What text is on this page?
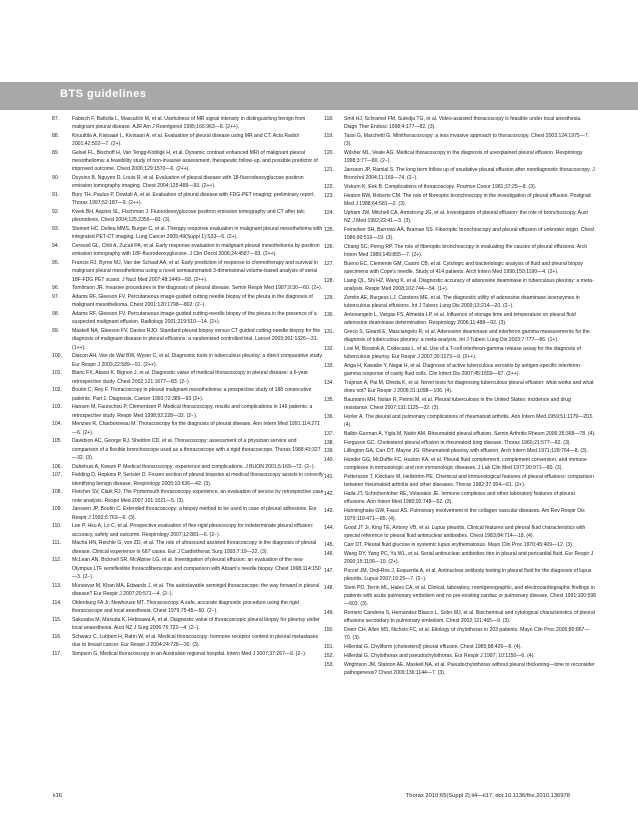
BTS guidelines
87.	Fabisch F, Battolla L, Mascalchi M, et al. Usefulness of MR signal intensity in distinguishing benign from malignant pleural disease. AJR Am J Roentgenol 1995;166:963—8. (2++).
88.	Knuuttila A, Kivisaari L, Kivisaari A, et al. Evaluation of pleural disease using MR and CT. Acta Radiol 2001;42:502—7. (2+).
89.	Gelsel FL, Bischoff H, Van Tengg-Kobligk H, et al. Dynamic contrast enhanced MRI of malignant pleural mesothelioma: a feasibility study of non-invasive assessment, therapeutic follow-up, and possible predictor of improved outcome. Chest 2006;129:1570—6. (2++).
90.	Duysinx B, Nguyen D, Louis R, et al. Evaluation of pleural disease with 18-fluorodeoxyglucose positron emission tomography imaging. Chest 2004;125:489—93. (2++).
91.	Bury TH, Paulus P, Dowlati A, et al. Evaluation of pleural disease with FDG-PET imaging: preliminary report. Thorax 1997;52:187—9. (2++).
92.	Kwek BH, Aquino SL, Fischman J. Fluorodeoxyglucose positron emission tomography and CT after talc pleurodesis. Chest 2004;125:2356—60. (3).
93.	Steinert HC, Dellea MMS, Burger C, et al. Therapy response evaluation in malignant pleural mesothelioma with integrated PET-CT imaging. Lung Cancer 2005;49(Suppl 1):S33—5. (2+).
94.	Ceresoli GL, Chiti A, Zucali PA, et al. Early response evaluation in malignant pleural mesothelioma by positron emission tomography with 18F-fluorodeoxyglucose. J Clin Oncol 2006;24:4587—93. (2++).
95.	Francis RJ, Byrne MJ, Van der Schaaf AA, et al. Early prediction of response to chemotherapy and survival in malignant pleural mesothelioma using a novel semiautomated 3-dimensional volume-based analysis of serial 18F-FDG PET scans. J Nucl Med 2007;48:1449—58. (2++).
96.	Tomlinson JR. Invasive procedures in the diagnosis of pleural disease. Semin Respir Med 1987;9:30—60. (2+).
97.	Adams RF, Gleeson FV. Percutaneous image-guided cutting needle biopsy of the pleura in the diagnosis of malignant mesothelioma. Chest 2001;120:1798—802. (2−).
98.	Adams RF, Gleeson FV. Percutaneous image-guided cutting-needle biopsy of the pleura in the presence of a suspected malignant effusion. Radiology 2001;219:510—14. (2+).
99.	Maskell NA, Gleeson FV, Davies RJO. Standard pleural biopsy versus CT guided cutting-needle biopsy for the diagnosis of malignant disease in pleural effusions: a randomised controlled trial. Lancet 2003;361:1326—31. (1++).
100.	Diacon AH, Van de Wal BW, Wyser C, et al. Diagnostic tools in tuberculous pleurisy: a direct comparative study. Eur Respir J 2003;22:589—91. (2++).
101.	Blanc FX, Atassi K, Bignon J, et al. Diagnostic value of medical thoracoscopy in pleural disease: a 6-year retrospective study. Chest 2002;121:1677—83. (2−).
102.	Boutin C, Rey F. Thoracoscopy in pleural malignant mesothelioma: a prospective study of 188 consecutive patients. Part 1: Diagnosis. Cancer 1993;72:389—93 (2+).
103.	Hansen M, Faurschou P, Clementsen P. Medical thoracoscopy, results and complications in 146 patients: a retrospective study. Respir Med 1998;92:228—32. (2−).
104.	Menzies R, Charbonneau M. Thoracoscopy for the diagnosis of pleural disease. Ann Intern Med 1991;114:271—6. (2+).
105.	Davidson AC, George RJ, Sheldon CD, et al. Thoracoscopy: assessment of a physician service and comparison of a flexible bronchoscope used as a thoracoscope with a rigid thoracoscope. Thorax 1988;43:327—32. (3).
106.	Dubehuis A, Kwezé P. Medical thoracoscopy: experience and complications. J BUON 2001;5:169—72. (2−).
107.	Fielding D, Hopkins P, Serisier D. Frozen section of pleural biopsies at medical thoracoscopy assists in correctly identifying benign disease. Respirology 2005;10:636—42. (3).
108.	Fletcher SV, Clark RJ. The Portsmouth thoracoscopy experience, an evaluation of service by retrospective case note analysis. Respir Med 2007;101:1021—5. (3).
109.	Janssen JP, Boutin C. Extended thoracoscopy: a biopsy method to be used in case of pleural adhesions. Eur Respir J 1992;5:763—6. (3).
110.	Lee P, Hsu A, Lo C, et al. Prospective evaluation of flex-rigid pleuroscopy for indeterminate pleural effusion: accuracy, safety and outcome. Respirology 2007;12:881—6. (2−).
111.	Macha HN, Reichle G, von ZD, et al. The role of ultrasound assisted thoracoscopy in the diagnosis of pleural disease. Clinical experience in 687 cases. Eur J Cardiothorac Surg 1993;7:19—22. (3).
112.	McLean AN, Bicknell SR, McAlpine LG, et al. Investigation of pleural effusion: an evaluation of the new Olympus LTF semiflexible thoracofiberscope and comparison with Abram's needle biopsy. Chest 1998;114:150—3. (2−).
113.	Munavvar M, Khan MA, Edwards J, et al. The autoclavable semirigid thoracoscope: the way forward in pleural disease? Eur Respir J 2007;29:571—4. (2−).
114.	Oldenburg FA Jr, Newhouse MT. Thoracoscopy. A safe, accurate diagnostic procedure using the rigid thoracoscope and local anesthesia. Chest 1979;75:45—50. (2−).
115.	Sakuraba M, Masuda K, Hebisawa A, et al. Diagnostic value of thoracoscopic pleural biopsy for pleurisy under local anaesthesia. Aust NZ J Surg 2006;76:722—4. (2−).
116.	Schwarz C, Lubbert H, Rahn W, et al. Medical thoracoscopy: hormone receptor content in pleural metastases due to breast cancer. Eur Respir J 2004;24:728—30. (3).
117.	Simpson G. Medical thoracoscopy in an Australian regional hospital. Intern Med J 2007;37:267—9. (2−).
118.	Smit HJ, Schramel FM, Sutedja TG, et al. Video-assisted thoracoscopy is feasible under local anesthesia. Diagn Ther Endosc 1998;4:177—82. (3).
119.	Tassi G, Marchetti G. Minithoracoscopy: a less invasive approach to thoracoscopy. Chest 2003;124:1975—7. (3).
120.	Wilsher ML, Veale AG. Medical thoracoscopy in the diagnosis of unexplained pleural effusion. Respirology 1998;3:77—80. (2−).
121.	Jansson JP, Ramlal S. The long term follow up of exudative pleural effusion after nondiagnostic thoracoscopy. J Bronchol 2004;11:169—74. (2−).
122.	Viskum K, Enk B. Complications of thoracoscopy. Poumon Coeur 1981;37:25—8. (3).
123.	Heaton RW, Roberts CM. The role of fibreoptic bronchoscopy in the investigation of pleural effusion. Postgrad Med J 1988;64:581—2. (3).
124.	Upham JW, Mitchell CA, Armstrong JG, et al. Investigation of pleural effusion: the role of bronchoscopy. Aust NZ J Med 1992;22:41—3. (3).
125.	Feinsilver SH, Barrows AA, Braman SS. Fiberoptic bronchoscopy and pleural effusion of unknown origin. Chest 1986;90:516—19. (3).
126.	Chang SC, Perng RP. The role of fiberoptic bronchoscopy in evaluating the causes of pleural effusions. Arch Intern Med 1989;149:855—7. (2+).
127.	Bueno EC, Clemente GM, Castro CB, et al. Cytologic and bacteriologic analysis of fluid and pleural biopsy specimens with Cope's needle. Study of 414 patients. Arch Intern Med 1990;150:1190—4. (2+).
128.	Liang QL, Shi HZ, Wang K, et al. Diagnostic accuracy of adenosine deaminase in tuberculous pleurisy: a meta-analysis. Respir Med 2008;102:744—54. (1+).
129.	Zemlin AE, Burgess LJ, Carstens ME, et al. The diagnostic utility of adenosine deaminase isoenzymes in tuberculous pleural effusions. Int J Tuberc Lung Dis 2009;13:214—20. (2−).
130.	Antonangelo L, Vargas FS, Almeida LP, et al. Influence of storage time and temperature on pleural fluid adenosine deaminase determination. Respirology 2006;11:488—92. (3).
131.	Greco S, Girardi E, Masciangelo R, et al. Adenosine deaminase and interferon gamma measurements for the diagnosis of tuberculous pleurisy: a meta-analysis. Int J Tuberc Lung Dis 2003;7:777—86. (1+).
132.	Losi M, Bossink A, Codecasa L, et al. Use of a T-cell interferon-gamma release assay for the diagnosis of tuberculous pleurisy. Eur Respir J 2007;30:1173—9. (2++).
133.	Ariga H, Kawabe Y, Nagai H, et al. Diagnosis of active tuberculous serositis by antigen-specific interferon-gamma response of cavity fluid cells. Clin Infect Dis 2007;45:1559—67. (2++).
134.	Trajman A, Pai M, Dheda K, et al. Novel tests for diagnosing tuberculous pleural effusion: what works and what does not? Eur Respir J 2008;31:1098—106. (4).
135.	Baumann MH, Nolan R, Petrini M, et al. Pleural tuberculosis in the United States: incidence and drug resistance. Chest 2007;131:1125—32. (3).
136.	Horler A. The pleural and pulmonary complications of rheumatoid arthritis. Ann Intern Med 1959;51:1179—203. (4).
137.	Balbir-Gurman A, Yigla M, Nahir AM. Rheumatoid pleural effusion. Semin Arthritis Rheum 2006;35:368—78. (4).
138.	Ferguson GC. Cholesterol pleural effusion in rheumatoid lung disease. Thorax 1966;21:577—82. (3).
139.	Lillington GA, Carr DT, Mayne JG. Rheumatoid pleurisy with effusion. Arch Intern Med 1971;128:764—8. (3).
140.	Hunder GG, McDuffie FC, Huston KA, et al. Pleural fluid complement, complement conversion, and immune complexes in immunologic and non immunologic diseases. J Lab Clin Med 1977;90:971—80. (3).
141.	Pettersson T, Klockars M, Hellström PE. Chemical and immunological features of pleural effusions: comparison between rheumatoid arthritis and other diseases. Thorax 1982;37:354—61. (2+).
142.	Halla JT, Schrohenloher RE, Volanakis JE. Immune complexes and other laboratory features of pleural effusions. Ann Intern Med 1980;92:748—52. (3).
143.	Hunninghake GW, Fauci AS. Pulmonary involvement in the collagen vascular diseases. Am Rev Respir Dis 1979;119:471—85. (4).
144.	Good JT Jr, King TE, Antony VB, et al. Lupus pleuritis. Clinical features and pleural fluid characteristics with special reference to pleural fluid antinuclear antibodies. Chest 1983;84:714—18. (4).
145.	Carr DT. Pleural fluid glucose in systemic lupus erythematosus. Mayo Clin Proc 1970;45:409—12. (3).
146.	Wang DY, Yang PC, Yu WL, et al. Serial antinuclear antibodies titre in pleural and pericardial fluid. Eur Respir J 2000;15:1106—10. (2+).
147.	Porcel JM, Ordi-Ros J, Esquerda A, et al. Antinuclear antibody testing in pleural fluid for the diagnosis of lupus pleuritis. Lupus 2007;16:25—7. (2−).
148.	Stein PD, Terrin ML, Hales CA, et al. Clinical, laboratory, roentgenographic, and electrocardiographic findings in patients with acute pulmonary embolism and no pre-existing cardiac or pulmonary disease. Chest 1991;100:598—603. (3).
149.	Romero Candeira S, Hernandez Blasco L, Soler MJ, et al. Biochemical and cytological characteristics of pleural effusions secondary to pulmonary embolism. Chest 2002;121:465—9. (3).
150.	Doerr CH, Allen MS, Nichols FC, et al. Etiology of chylothorax in 203 patients. Mayo Clin Proc 2005;80:867—70. (3).
151.	Hillerdal G. Chyliform (cholesterol) pleural effusion. Chest 1985;88:426—8. (4).
152.	Hillerdal G. Chylothorax and pseudochylothorax. Eur Respir J 1997; 10:1150—6. (4).
153.	Wrightson JM, Stanton AE, Maskell NA, et al. Pseudochylothorax without pleural thickening—time to reconsider pathogenesis? Chest 2009;136:1144—7. (3).
ii16	Thorax 2010;65(Suppl 2):ii4—ii17. doi:10.1136/thx.2010.136978
